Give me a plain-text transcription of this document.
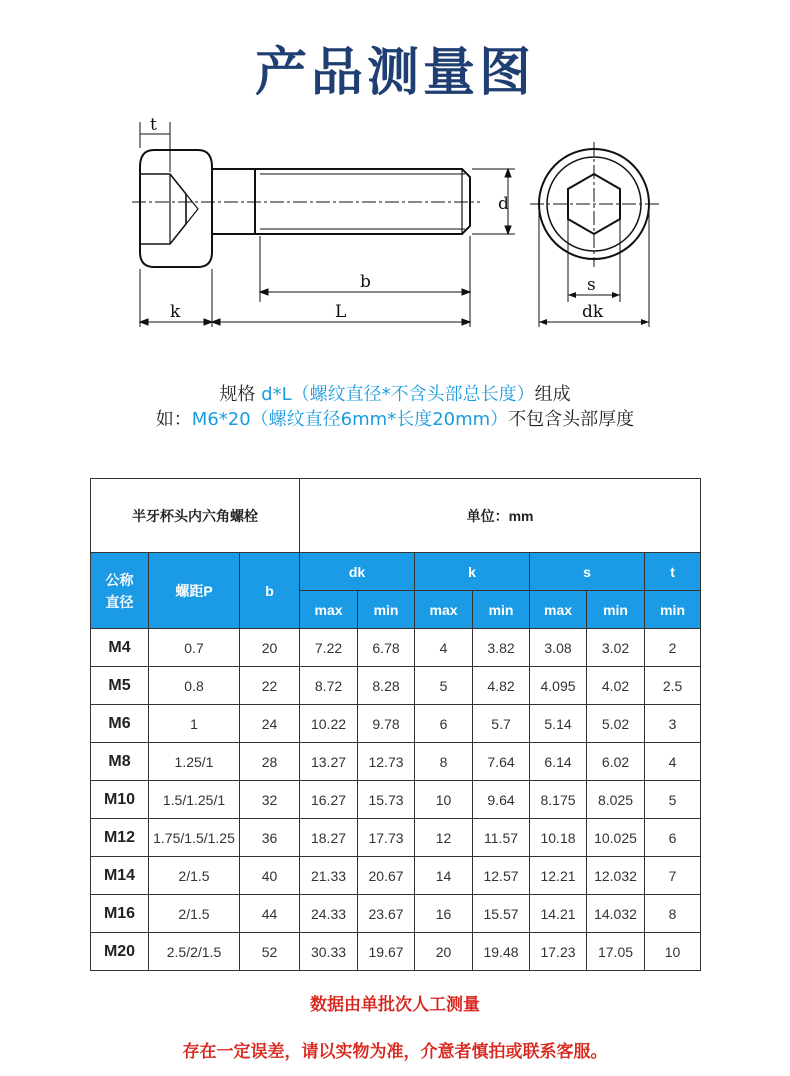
产品测量图
t
d
b
k	L
s
dk
规格 d*L（螺纹直径*不含头部总长度）组成
如：M6*20（螺纹直径6mm*长度20mm）不包含头部厚度
半牙杯头内六角螺栓			单位：mm						
公称直径	螺距P	b	dk		k		s		t
			max	min	max	min	max	min	min
M4	0.7	20	7.22	6.78	4	3.82	3.08	3.02	2
M5	0.8	22	8.72	8.28	5	4.82	4.095	4.02	2.5
M6	1	24	10.22	9.78	6	5.7	5.14	5.02	3
M8	1.25/1	28	13.27	12.73	8	7.64	6.14	6.02	4
M10	1.5/1.25/1	32	16.27	15.73	10	9.64	8.175	8.025	5
M12	1.75/1.5/1.25	36	18.27	17.73	12	11.57	10.18	10.025	6
M14	2/1.5	40	21.33	20.67	14	12.57	12.21	12.032	7
M16	2/1.5	44	24.33	23.67	16	15.57	14.21	14.032	8
M20	2.5/2/1.5	52	30.33	19.67	20	19.48	17.23	17.05	10
数据由单批次人工测量
存在一定误差，请以实物为准，介意者慎拍或联系客服。
